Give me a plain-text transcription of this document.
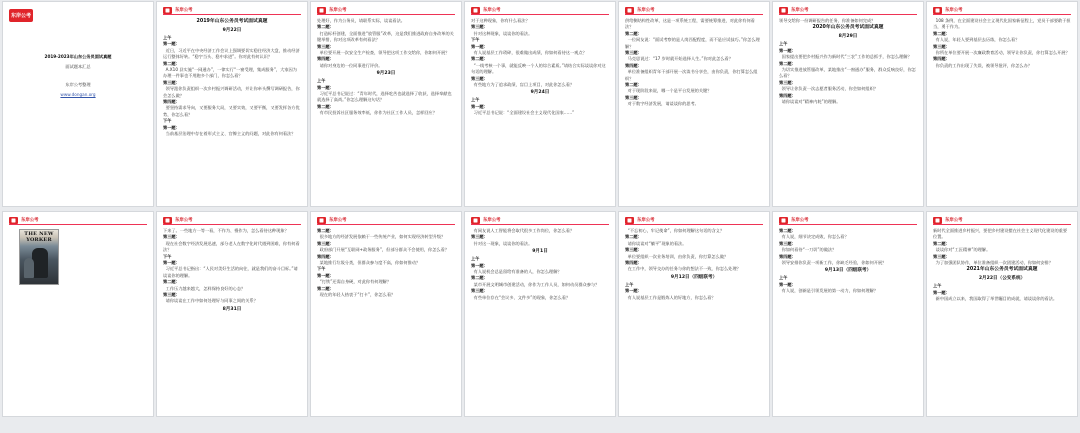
东岸公考
2019-2023年山东公务员面试真题
面试题本汇总
东岸公考整理
www.dongan.org
东岸公考
2019年山东公务员考试面试真题
9月22日
上午
第一题：
近日，习近平在中央经济工作会议上强调要切实稳住经济大盘，推动经济运行整体好转。“稳字当头、稳中求进”。你对此有何认识？
第二题：
A.X10 县实施“一网通办”，一律实行“一窗受理，集成服务”，大家因为办理一件事也不用跑多个部门，你怎么看？
第三题：
领导派你负责组织一次乡村振兴调研活动，并让你牵头撰写调研报告，你会怎么做？
第四题：
要坚持需求导向，又要服务大局，又要实效，又要平衡，又要发挥各方优势，你怎么看？
下午
第一题：
当前基层治理中存在着形式主义、官僚主义的问题，对此你有何看法？
东岸公考
处理好，作为公务员，请联系实际，谈谈看法。
第二题：
打造标杆创建，全面推进“放管服”改革，这是我们推进政府自身改革的关键举措，你对这项改革有何看法？
第三题：
单位要开展一次安全生产检查，领导把这项工作交给你，你如何开展？
第四题：
请你对身边的一位同事进行评价。
9月23日
上午
第一题：
习近平总书记说过：“青年时代，选择吃苦也就选择了收获，选择奉献也就选择了高尚。”你怎么理解这句话？
第二题：
有市民投诉社区服务效率低，你作为社区工作人员，怎样回应？
东岸公考
对于这种现象，你有什么看法？
第三题：
针对这种现象，谈谈你的看法。
下午
第一题：
有人说基层工作琐碎，很难做出成绩，你如何看待这一观点？
第二题：
“一线考核一个事，就能反映一个人的综合素质。”请结合实际谈谈你对这句话的理解。
第三题：
有些地方为了追求政绩，盲目上项目，对此你怎么看？
9月24日
上午
第一题：
习近平总书记说：“全面建设社会主义现代化国家……”
东岸公考
供给侧结构性改革，这是一项系统工程，需要统筹推进，对此你有何看法？
第二题：
一位网友说：“面试考察的是人岗匹配程度，而不是应试技巧。”你怎么理解？
第三题：
马克思说过：“17 岁时就开始选择人生。”你对此怎么看？
第四题：
单位准备组织青年干部开展一次读书分享会，由你负责，你打算怎么组织？
第二题：
对于现阶段来说，哪一个是平台发展的关键？
第三题：
对于数字经济发展，请谈谈你的思考。
东岸公考
领导交给你一份调研报告的任务，你准备如何完成？
2020年山东公务员考试面试真题
8月29日
上午
第一题：
国家提出要把乡村振兴作为新时代“三农”工作的总抓手，你怎么理解？
第二题：
为切实推进放管服改革，某地推出“一窗通办”服务，群众反响良好，你怎么看？
第三题：
领导让你负责一次志愿者服务活动，你会如何组织？
第四题：
请你谈谈对“精神内耗”的理解。
东岸公考
108 条例，在全面建设社会主义现代化国家新征程上，党员干部要敢于担当，勇于作为。
第二题：
有人说，年轻人要到基层去历练，你怎么看？
第三题：
你所在单位要开展一次廉政教育活动，领导让你负责，你打算怎么开展？
第四题：
你负责的工作出现了失误，被领导批评，你怎么办？
东岸公考
THE NEW YORKER
东岸公考
下来了。一些地方一等一看，不作为、慢作为，怎么看待这种现象？
第三题：
现在社会数字经济发展迅速，部分老人在数字化时代遇到困难，你有何看法？
下午
第一题：
习近平总书记指出：“人民对美好生活的向往，就是我们的奋斗目标。”请谈谈你的理解。
第二题：
工作压力越来越大，怎样保持良好的心态？
第三题：
请你谈谈在工作中如何处理好与同事之间的关系？
8月31日
东岸公考
第二题：
很多地方的经济发展依赖于一些传统产业，如何实现经济转型升级？
第三题：
政府部门开展“互联网+政务服务”，但部分群众不会使用，你怎么看？
第四题：
某地推行垃圾分类，但群众参与度不高，你如何推动？
下午
第一题：
“打铁”还需自身硬，对此你有何理解？
第二题：
现在的年轻人热衷于“打卡”，你怎么看？
东岸公考
有网友说人工智能将会取代很多工作岗位，你怎么看？
第三题：
针对这一现象，谈谈你的看法。
9月1日
上午
第一题：
有人说机会总是留给有准备的人，你怎么理解？
第二题：
某市开展文明城市创建活动，你作为工作人员，如何动员群众参与？
第三题：
有些单位存在“会议多、文件多”的现象，你怎么看？
东岸公考
“不忘初心，牢记使命”，你如何理解这句话的含义？
第二题：
请你谈谈对“躺平”现象的看法。
第三题：
单位要组织一次业务培训，由你负责，你打算怎么做？
第四题：
在工作中，领导交办的任务与你的想法不一致，你怎么处理？
9月12日（四级联考）
上午
第一题：
有人说基层工作是锻炼人的好地方，你怎么看？
东岸公考
第二题：
有人说，细节决定成败，你怎么看？
第三题：
你如何看待“一刀切”的做法？
第四题：
领导安排你负责一项新工作，你缺乏经验，你如何开展？
9月13日（四级联考）
上午
第一题：
有人说，创新是引领发展的第一动力，你如何理解？
东岸公考
新时代全面推进乡村振兴，要把乡村建设摆在社会主义现代化建设的重要位置。
第二题：
谈谈你对“工匠精神”的理解。
第三题：
为了加强团队协作，单位准备组织一次团建活动，你如何安排？
2021年山东公务员考试面试真题
2月22日（公安系统）
上午
第一题：
新中国成立以来，我国取得了举世瞩目的成就，请谈谈你的看法。
